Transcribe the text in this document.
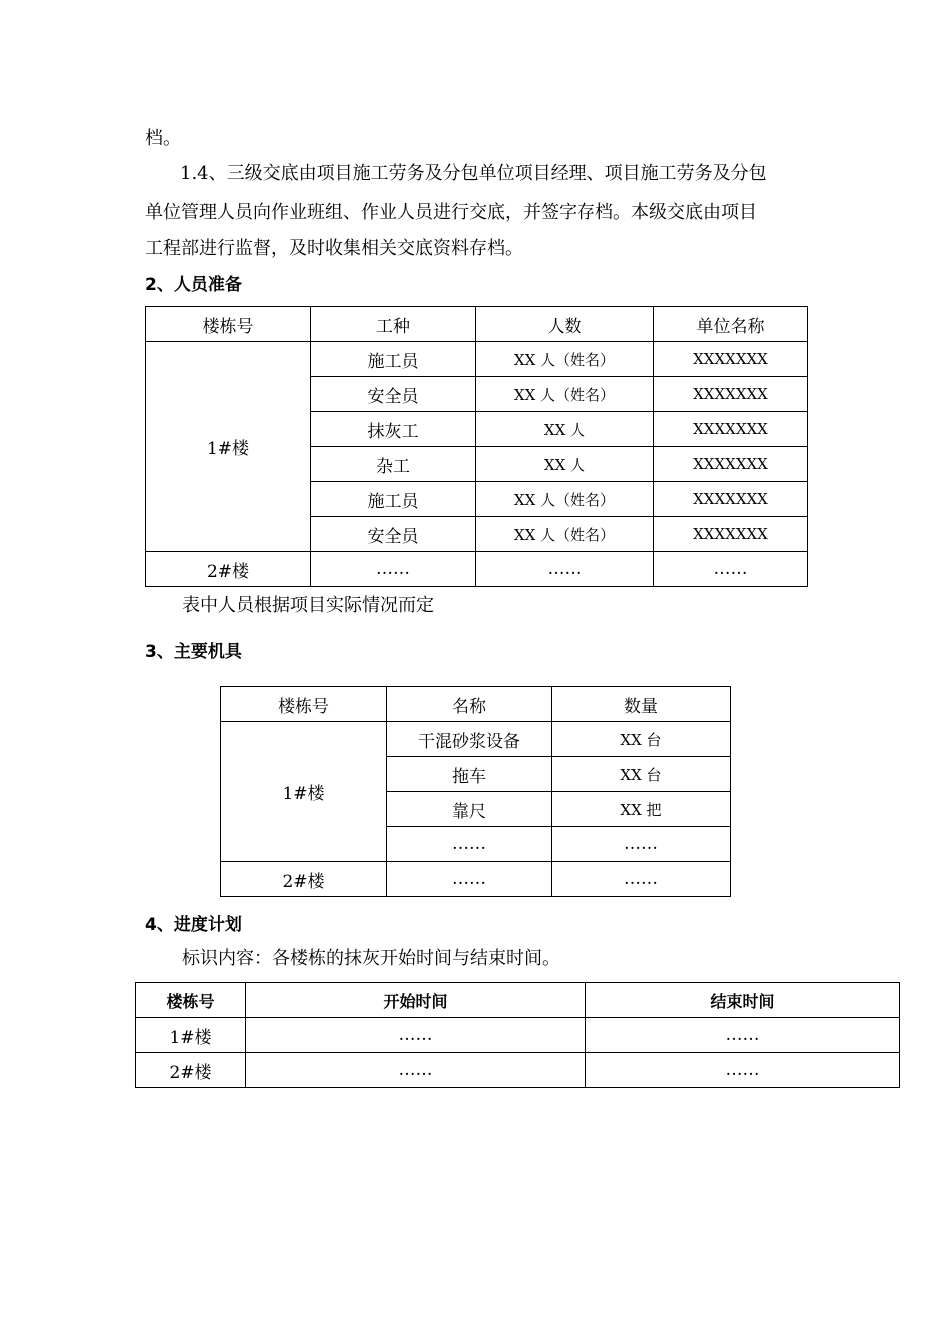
档。
1.4、三级交底由项目施工劳务及分包单位项目经理、项目施工劳务及分包
单位管理人员向作业班组、作业人员进行交底，并签字存档。本级交底由项目
工程部进行监督，及时收集相关交底资料存档。
2、人员准备
楼栋号	工种	人数	单位名称
1#楼	施工员	XX 人（姓名）	XXXXXXX
	安全员	XX 人（姓名）	XXXXXXX
	抹灰工	XX 人	XXXXXXX
	杂工	XX 人	XXXXXXX
	施工员	XX 人（姓名）	XXXXXXX
	安全员	XX 人（姓名）	XXXXXXX
2#楼	……	……	……
表中人员根据项目实际情况而定
3、主要机具
楼栋号	名称	数量
1#楼	干混砂浆设备	XX 台
	拖车	XX 台
	靠尺	XX 把
	……	……
2#楼	……	……
4、进度计划
标识内容：各楼栋的抹灰开始时间与结束时间。
楼栋号	开始时间	结束时间
1#楼	……	……
2#楼	……	……
